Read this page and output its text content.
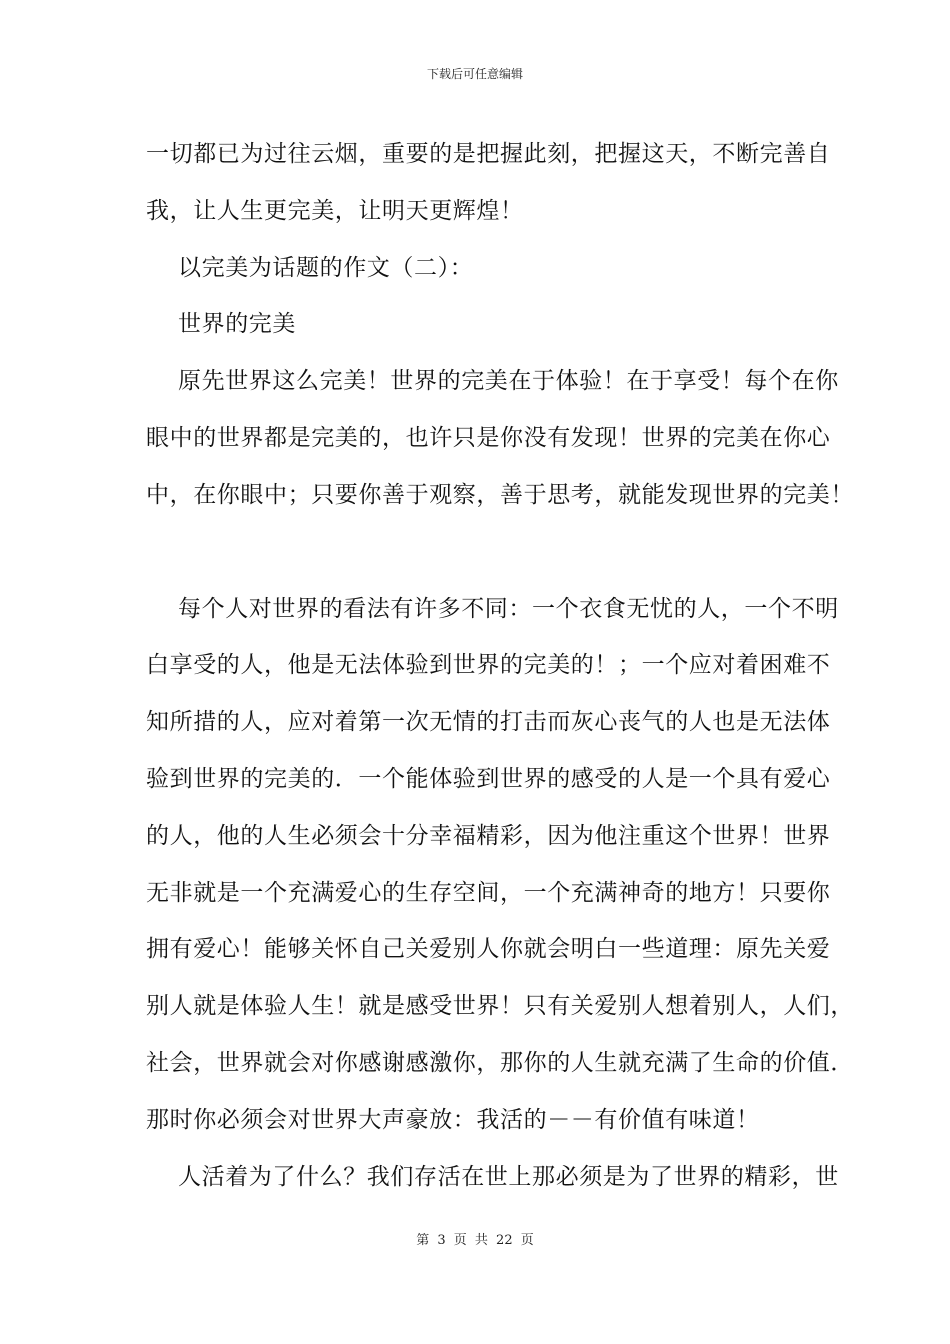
下载后可任意编辑
一切都已为过往云烟，重要的是把握此刻，把握这天，不断完善自
我，让人生更完美，让明天更辉煌！
以完美为话题的作文（二）：
世界的完美
原先世界这么完美！世界的完美在于体验！在于享受！每个在你
眼中的世界都是完美的，也许只是你没有发现！世界的完美在你心
中，在你眼中；只要你善于观察，善于思考，就能发现世界的完美！
每个人对世界的看法有许多不同：一个衣食无忧的人，一个不明
白享受的人，他是无法体验到世界的完美的！；一个应对着困难不
知所措的人，应对着第一次无情的打击而灰心丧气的人也是无法体
验到世界的完美的．一个能体验到世界的感受的人是一个具有爱心
的人，他的人生必须会十分幸福精彩，因为他注重这个世界！世界
无非就是一个充满爱心的生存空间，一个充满神奇的地方！只要你
拥有爱心！能够关怀自己关爱别人你就会明白一些道理：原先关爱
别人就是体验人生！就是感受世界！只有关爱别人想着别人，人们，
社会，世界就会对你感谢感激你，那你的人生就充满了生命的价值．
那时你必须会对世界大声豪放：我活的－－有价值有味道！
人活着为了什么？我们存活在世上那必须是为了世界的精彩，世
第 3 页 共 22 页
